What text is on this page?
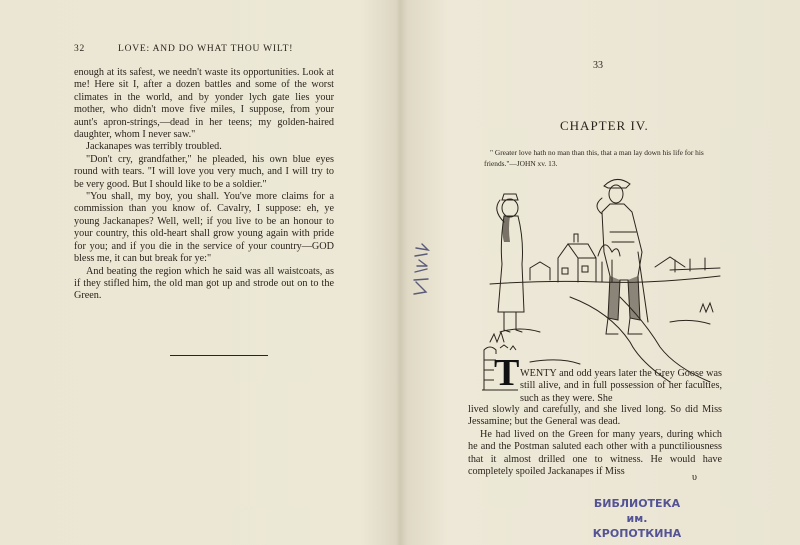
32	LOVE: AND DO WHAT THOU WILT!

enough at its safest, we needn't waste its opportunities. Look at me! Here sit I, after a dozen battles and some of the worst climates in the world, and by yonder lych gate lies your mother, who didn't move five miles, I suppose, from your aunt's apron-strings,—dead in her teens; my golden-haired daughter, whom I never saw."

Jackanapes was terribly troubled.

"Don't cry, grandfather," he pleaded, his own blue eyes round with tears. "I will love you very much, and I will try to be very good. But I should like to be a soldier."

"You shall, my boy, you shall. You've more claims for a commission than you know of. Cavalry, I suppose: eh, ye young Jackanapes? Well, well; if you live to be an honour to your country, this old-heart shall grow young again with pride for you; and if you die in the service of your country—GOD bless me, it can but break for ye:"

And beating the region which he said was all waistcoats, as if they stifled him, the old man got up and strode out on to the Green.

33
CHAPTER IV.
" Greater love hath no man than this, that a man lay down his life for his friends."—JOHN xv. 13.
T WENTY and odd years later the Grey Goose was still alive, and in full possession of her faculties, such as they were. She

lived slowly and carefully, and she lived long. So did Miss Jessamine; but the General was dead.

He had lived on the Green for many years, during which he and the Postman saluted each other with a punctiliousness that it almost drilled one to witness. He would have completely spoiled Jackanapes if Miss

υ
БИБЛИОТЕКА
им. КРОПОТКИНА
